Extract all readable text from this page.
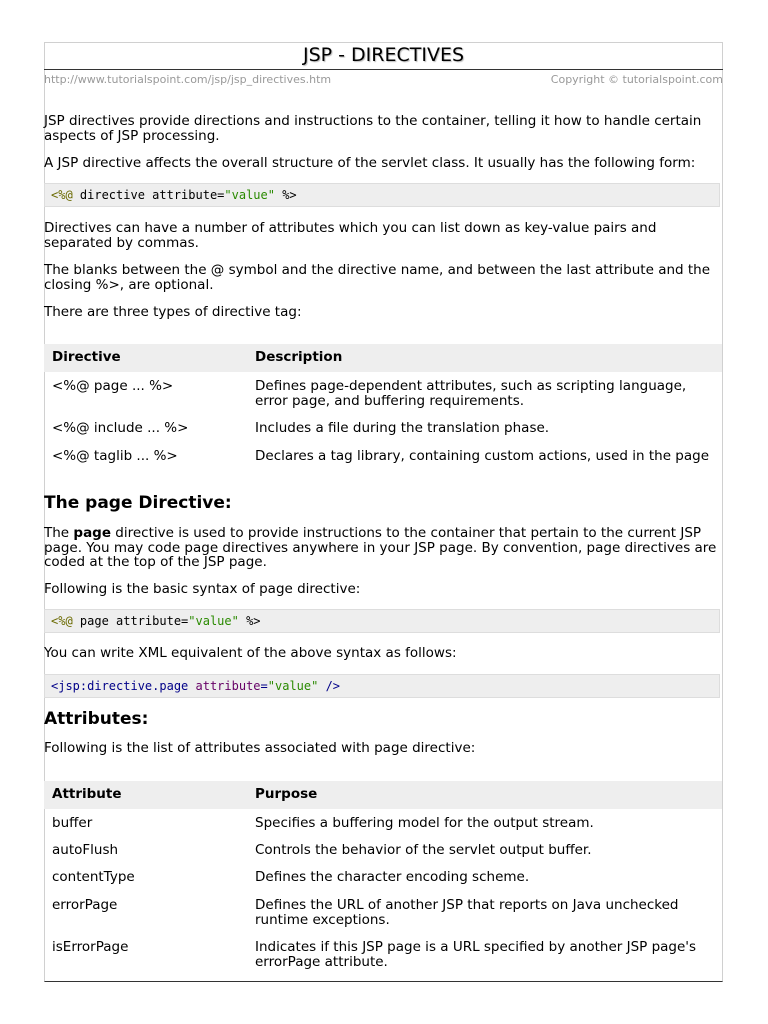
JSP - DIRECTIVES
http://www.tutorialspoint.com/jsp/jsp_directives.htm	Copyright © tutorialspoint.com

JSP directives provide directions and instructions to the container, telling it how to handle certain aspects of JSP processing.

A JSP directive affects the overall structure of the servlet class. It usually has the following form:

<%@ directive attribute="value" %>

Directives can have a number of attributes which you can list down as key-value pairs and separated by commas.

The blanks between the @ symbol and the directive name, and between the last attribute and the closing %>, are optional.

There are three types of directive tag:

Directive	Description
<%@ page ... %>	Defines page-dependent attributes, such as scripting language, error page, and buffering requirements.
<%@ include ... %>	Includes a file during the translation phase.
<%@ taglib ... %>	Declares a tag library, containing custom actions, used in the page
The page Directive:

The page directive is used to provide instructions to the container that pertain to the current JSP page. You may code page directives anywhere in your JSP page. By convention, page directives are coded at the top of the JSP page.

Following is the basic syntax of page directive:

<%@ page attribute="value" %>

You can write XML equivalent of the above syntax as follows:

<jsp:directive.page attribute="value" />
Attributes:

Following is the list of attributes associated with page directive:

Attribute	Purpose
buffer	Specifies a buffering model for the output stream.
autoFlush	Controls the behavior of the servlet output buffer.
contentType	Defines the character encoding scheme.
errorPage	Defines the URL of another JSP that reports on Java unchecked runtime exceptions.
isErrorPage	Indicates if this JSP page is a URL specified by another JSP page's errorPage attribute.
